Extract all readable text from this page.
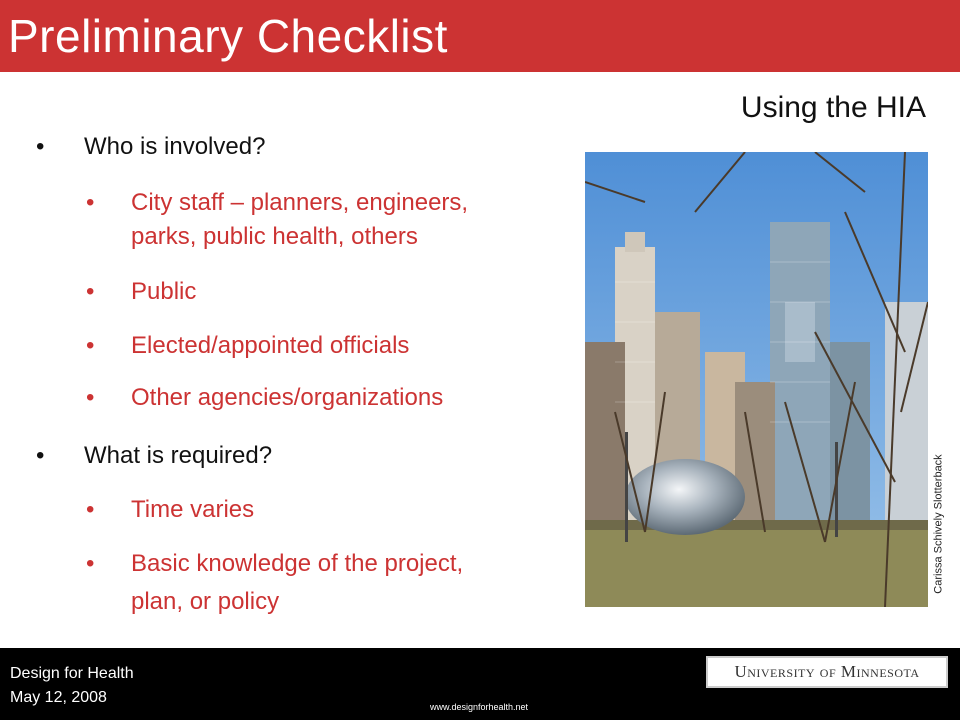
Preliminary Checklist
Using the HIA
• Who is involved?
• City staff – planners, engineers,
parks, public health, others
• Public
• Elected/appointed officials
• Other agencies/organizations
• What is required?
• Time varies
• Basic knowledge of the project,
plan, or policy
Carissa Schively Slotterback
Design for Health
May 12, 2008
www.designforhealth.net
University of Minnesota
